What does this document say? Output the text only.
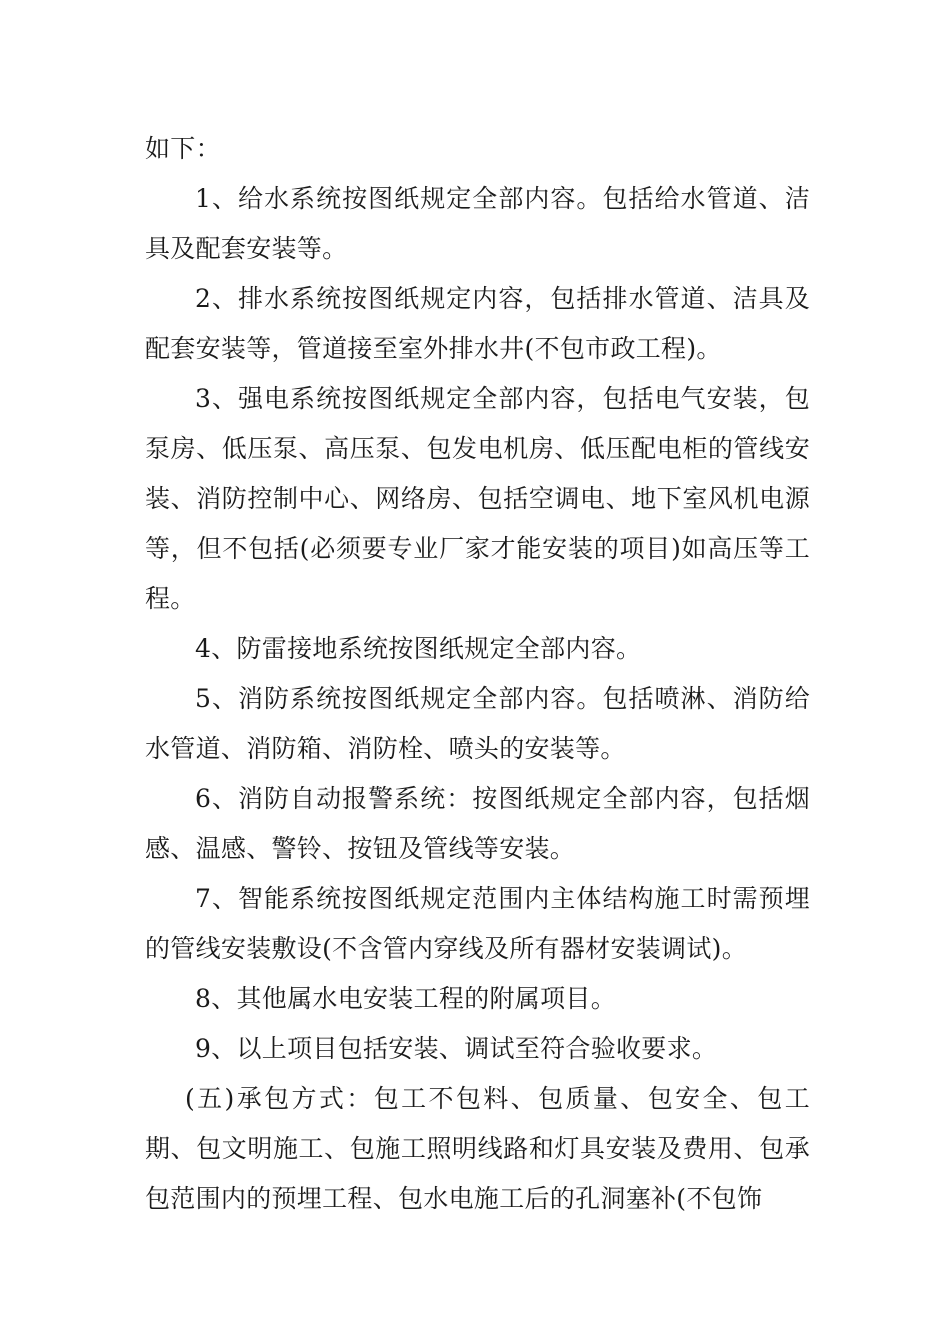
如下：

1、给水系统按图纸规定全部内容。包括给水管道、洁具及配套安装等。

2、排水系统按图纸规定内容，包括排水管道、洁具及配套安装等，管道接至室外排水井(不包市政工程)。

3、强电系统按图纸规定全部内容，包括电气安装，包泵房、低压泵、高压泵、包发电机房、低压配电柜的管线安装、消防控制中心、网络房、包括空调电、地下室风机电源等，但不包括(必须要专业厂家才能安装的项目)如高压等工程。

4、防雷接地系统按图纸规定全部内容。

5、消防系统按图纸规定全部内容。包括喷淋、消防给水管道、消防箱、消防栓、喷头的安装等。

6、消防自动报警系统：按图纸规定全部内容，包括烟感、温感、警铃、按钮及管线等安装。

7、智能系统按图纸规定范围内主体结构施工时需预埋的管线安装敷设(不含管内穿线及所有器材安装调试)。

8、其他属水电安装工程的附属项目。

9、以上项目包括安装、调试至符合验收要求。

(五)承包方式：包工不包料、包质量、包安全、包工期、包文明施工、包施工照明线路和灯具安装及费用、包承包范围内的预埋工程、包水电施工后的孔洞塞补(不包饰
